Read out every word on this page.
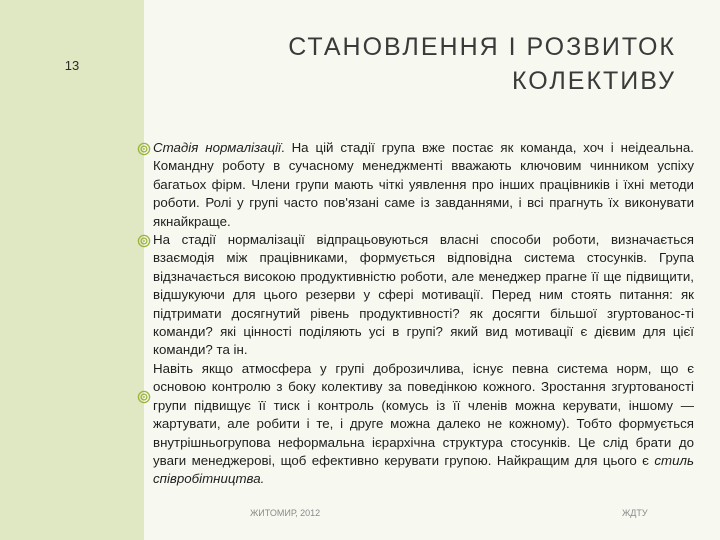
13
СТАНОВЛЕННЯ І РОЗВИТОК
КОЛЕКТИВУ

Стадія нормалізації. На цій стадії група вже постає як команда, хоч і неідеальна. Командну роботу в сучасному менеджменті вважають ключовим чинником успіху багатьох фірм. Члени групи мають чіткі уявлення про інших працівників і їхні методи роботи. Ролі у групі часто пов'язані саме із завданнями, і всі прагнуть їх виконувати якнайкраще.

На стадії нормалізації відпрацьовуються власні способи роботи, визначається взаємодія між працівниками, формується відповідна система стосунків. Група відзначається високою продуктивністю роботи, але менеджер прагне її ще підвищити, відшукуючи для цього резерви у сфері мотивації. Перед ним стоять питання: як підтримати досягнутий рівень продуктивності? як досягти більшої згуртованос-ті команди? які цінності поділяють усі в групі? який вид мотивації є дієвим для цієї команди? та ін.

Навіть якщо атмосфера у групі доброзичлива, існує певна система норм, що є основою контролю з боку колективу за поведінкою кожного. Зростання згуртованості групи підвищує її тиск і контроль (комусь із її членів можна керувати, іншому — жартувати, але робити і те, і друге можна далеко не кожному). Тобто формується внутрішньогрупова неформальна ієрархічна структура стосунків. Це слід брати до уваги менеджерові, щоб ефективно керувати групою. Найкращим для цього є стиль співробітництва.

ЖИТОМИР, 2012	ЖДТУ
